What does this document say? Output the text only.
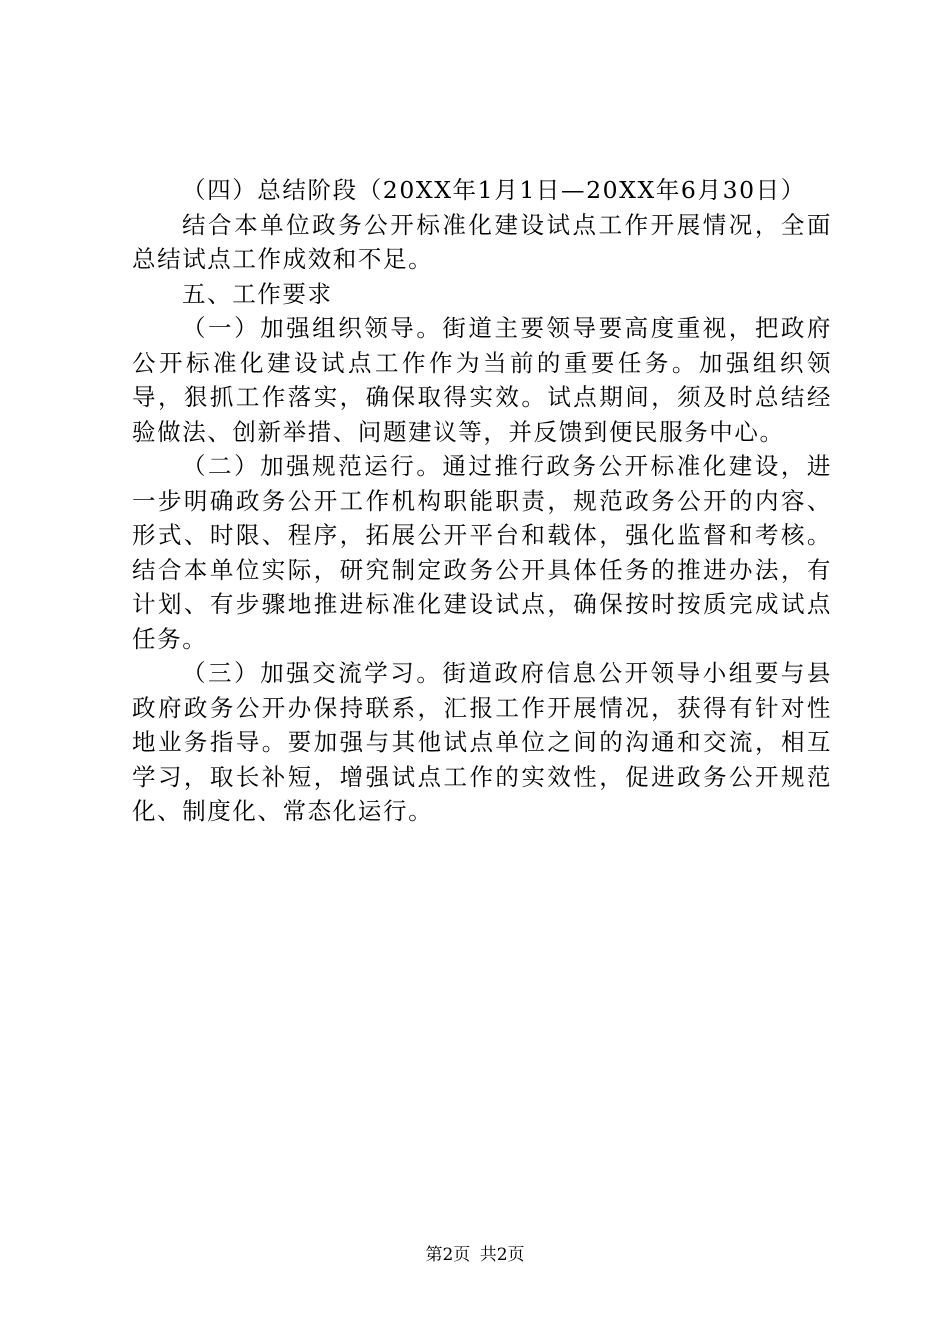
（四）总结阶段（20XX年1月1日—20XX年6月30日）

结合本单位政务公开标准化建设试点工作开展情况，全面总结试点工作成效和不足。

五、工作要求

（一）加强组织领导。街道主要领导要高度重视，把政府公开标准化建设试点工作作为当前的重要任务。加强组织领导，狠抓工作落实，确保取得实效。试点期间，须及时总结经验做法、创新举措、问题建议等，并反馈到便民服务中心。

（二）加强规范运行。通过推行政务公开标准化建设，进一步明确政务公开工作机构职能职责，规范政务公开的内容、形式、时限、程序，拓展公开平台和载体，强化监督和考核。结合本单位实际，研究制定政务公开具体任务的推进办法，有计划、有步骤地推进标准化建设试点，确保按时按质完成试点任务。

（三）加强交流学习。街道政府信息公开领导小组要与县政府政务公开办保持联系，汇报工作开展情况，获得有针对性地业务指导。要加强与其他试点单位之间的沟通和交流，相互学习，取长补短，增强试点工作的实效性，促进政务公开规范化、制度化、常态化运行。

第2页 共2页
